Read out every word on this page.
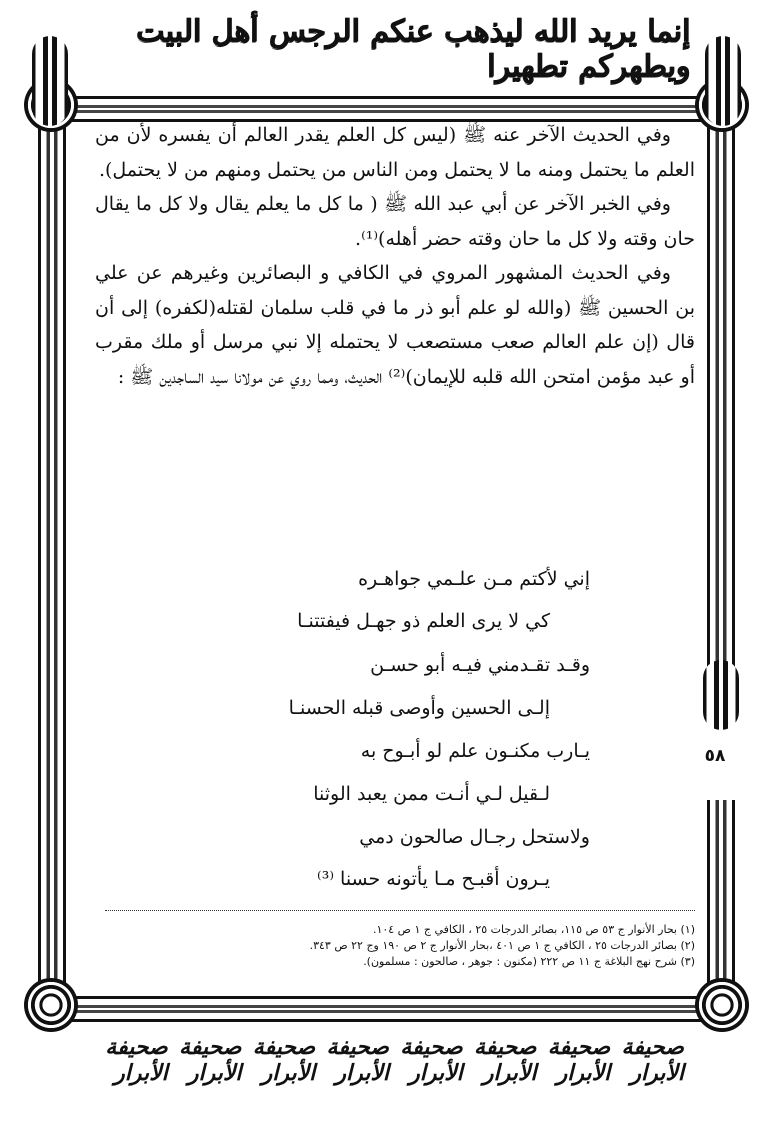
إنما يريد الله ليذهب عنكم الرجس أهل البيت ويطهركم تطهيرا
٥٨

وفي الحديث الآخر عنه ﷺ (ليس كل العلم يقدر العالم أن يفسره لأن من العلم ما يحتمل ومنه ما لا يحتمل ومن الناس من يحتمل ومنهم من لا يحتمل).

وفي الخبر الآخر عن أبي عبد الله ﷺ ( ما كل ما يعلم يقال ولا كل ما يقال حان وقته ولا كل ما حان وقته حضر أهله)⁽¹⁾.

وفي الحديث المشهور المروي في الكافي و البصائرين وغيرهم عن علي بن الحسين ﷺ (والله لو علم أبو ذر ما في قلب سلمان لقتله(لكفره) إلى أن قال (إن علم العالم صعب مستصعب لا يحتمله إلا نبي مرسل أو ملك مقرب أو عبد مؤمن امتحن الله قلبه للإيمان)⁽²⁾ الحديث، ومما روي عن مولانا سيد الساجدين ﷺ :

إني لأكتم مـن علـمي جواهـره
كي لا يرى العلم ذو جهـل فيفتتنـا
وقـد تقـدمني فيـه أبو حسـن
إلـى الحسين وأوصى قبله الحسنـا
يـارب مكنـون علم لو أبـوح به
لـقيل لـي أنـت ممن يعبد الوثنا
ولاستحل رجـال صالحون دمي
يـرون أقبـح مـا يأتونه حسنا ⁽³⁾
(١) بحار الأنوار ج ٥٣ ص ١١٥، بصائر الدرجات ٢٥ ، الكافي ج ١ ص ١٠٤.
(٢) بصائر الدرجات ٢٥ ، الكافي ج ١ ص ٤٠١ ،بحار الأنوار ج ٢ ص ١٩٠ وج ٢٢ ص ٣٤٣.
(٣) شرح نهج البلاغة ج ١١ ص ٢٢٢ (مكنون : جوهر ، صالحون : مسلمون).
صحيفة الأبرار
صحيفة الأبرار
صحيفة الأبرار
صحيفة الأبرار
صحيفة الأبرار
صحيفة الأبرار
صحيفة الأبرار
صحيفة الأبرار
